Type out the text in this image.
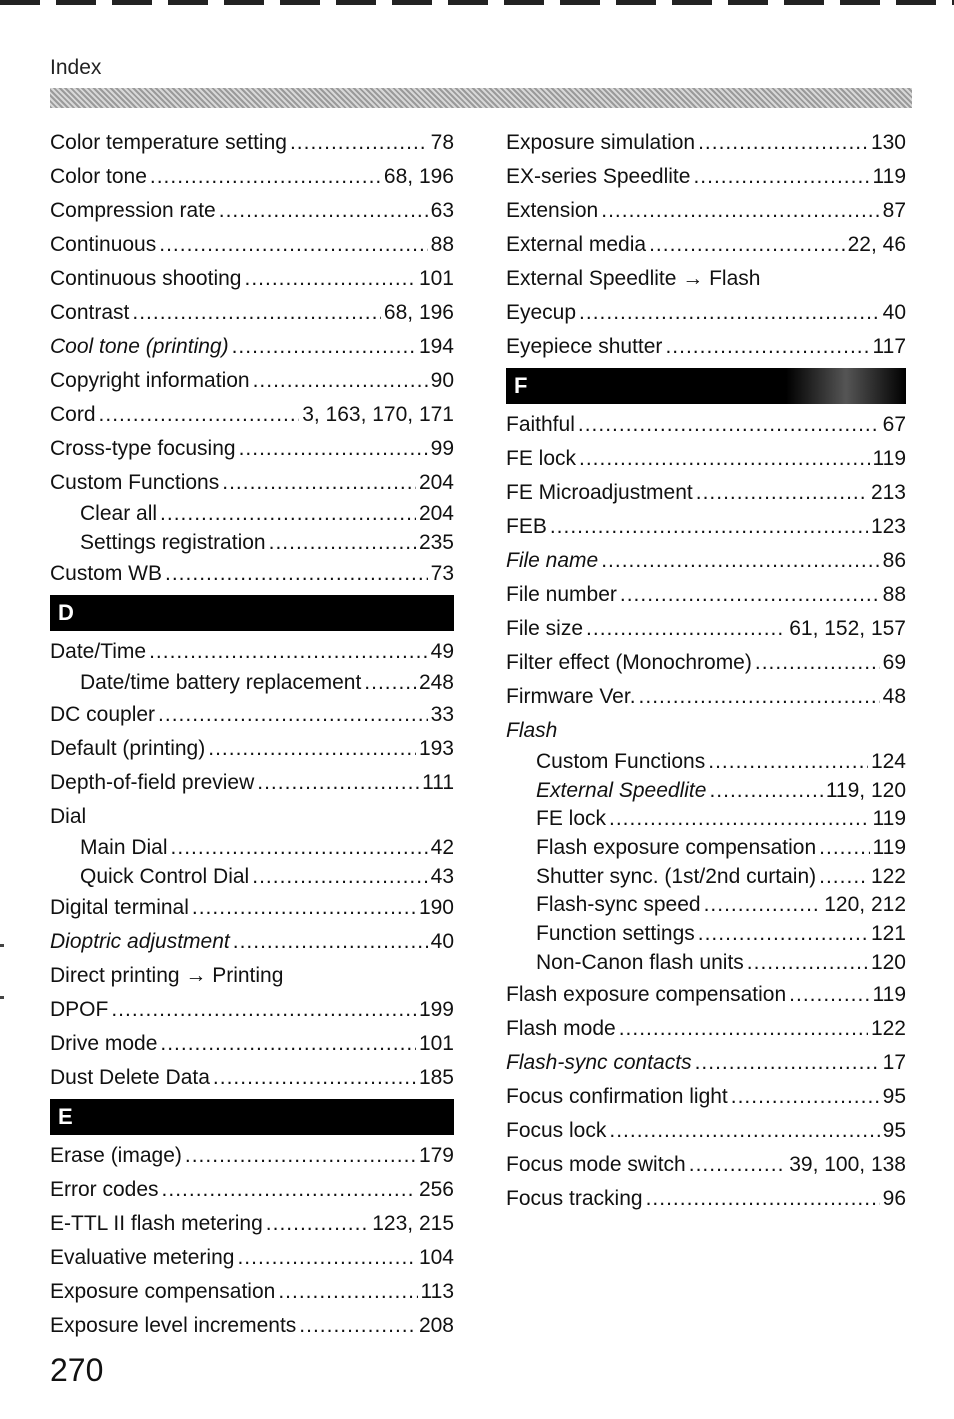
Index
Color temperature setting .....	78
Color tone .....	68, 196
Compression rate .....	63
Continuous .....	88
Continuous shooting .....	101
Contrast .....	68, 196
Cool tone (printing) .....	194
Copyright information .....	90
Cord .....	3, 163, 170, 171
Cross-type focusing .....	99
Custom Functions .....	204
Clear all .....	204
Settings registration .....	235
Custom WB .....	73
D
Date/Time .....	49
Date/time battery replacement .....	248
DC coupler .....	33
Default (printing) .....	193
Depth-of-field preview .....	111
Dial
Main Dial .....	42
Quick Control Dial .....	43
Digital terminal .....	190
Dioptric adjustment .....	40
Direct printing → Printing
DPOF .....	199
Drive mode .....	101
Dust Delete Data .....	185
E
Erase (image) .....	179
Error codes .....	256
E-TTL II flash metering .....	123, 215
Evaluative metering .....	104
Exposure compensation .....	113
Exposure level increments .....	208
Exposure simulation .....	130
EX-series Speedlite .....	119
Extension .....	87
External media .....	22, 46
External Speedlite → Flash
Eyecup .....	40
Eyepiece shutter .....	117
F
Faithful .....	67
FE lock .....	119
FE Microadjustment .....	213
FEB .....	123
File name .....	86
File number .....	88
File size .....	61, 152, 157
Filter effect (Monochrome) .....	69
Firmware Ver. .....	48
Flash
Custom Functions .....	124
External Speedlite .....	119, 120
FE lock .....	119
Flash exposure compensation .....	119
Shutter sync. (1st/2nd curtain) .....	122
Flash-sync speed .....	120, 212
Function settings .....	121
Non-Canon flash units .....	120
Flash exposure compensation .....	119
Flash mode .....	122
Flash-sync contacts .....	17
Focus confirmation light .....	95
Focus lock .....	95
Focus mode switch .....	39, 100, 138
Focus tracking .....	96
270
